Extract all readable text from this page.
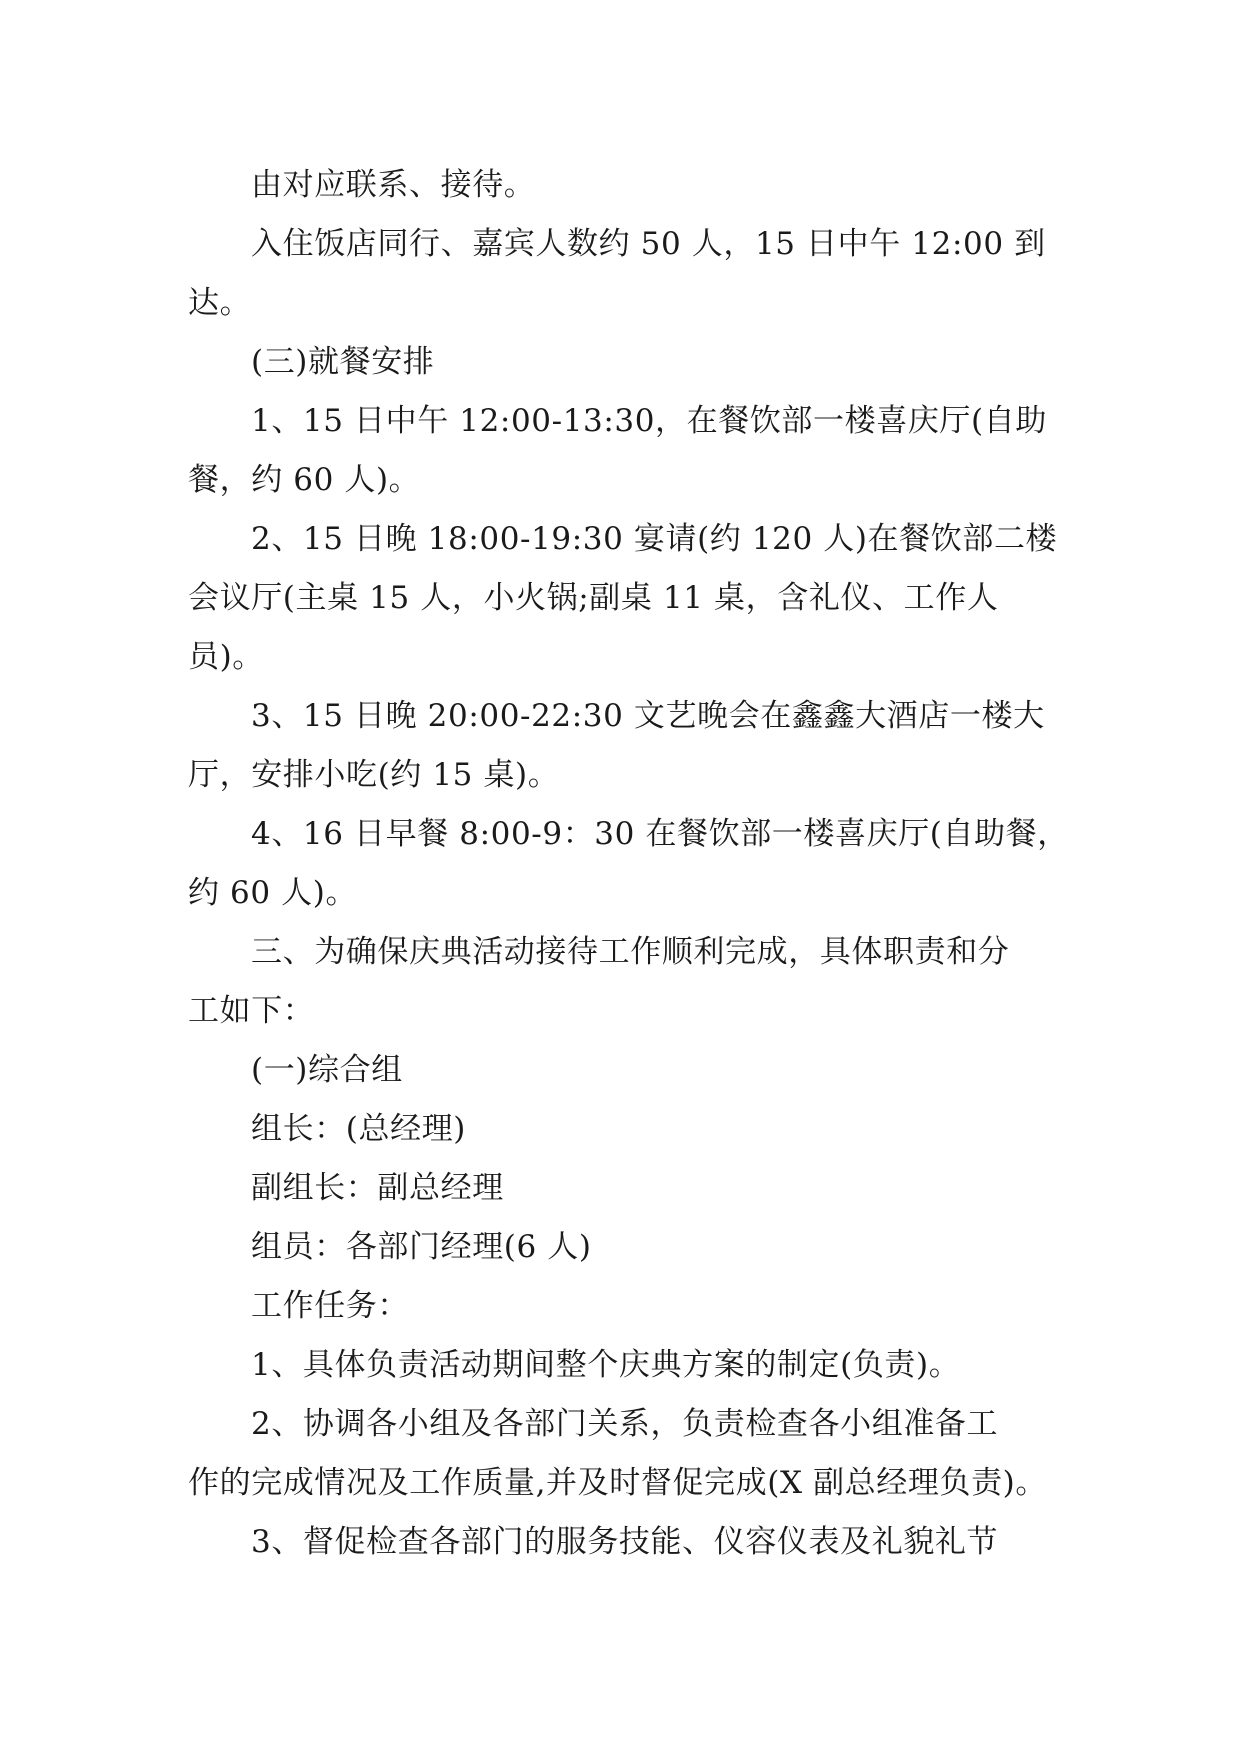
由对应联系、接待。

入住饭店同行、嘉宾人数约 50 人，15 日中午 12:00 到

达。

(三)就餐安排

1、15 日中午 12:00-13:30，在餐饮部一楼喜庆厅(自助

餐，约 60 人)。

2、15 日晚 18:00-19:30 宴请(约 120 人)在餐饮部二楼

会议厅(主桌 15 人，小火锅;副桌 11 桌，含礼仪、工作人

员)。

3、15 日晚 20:00-22:30 文艺晚会在鑫鑫大酒店一楼大

厅，安排小吃(约 15 桌)。

4、16 日早餐 8:00-9：30 在餐饮部一楼喜庆厅(自助餐，

约 60 人)。

三、为确保庆典活动接待工作顺利完成，具体职责和分

工如下：

(一)综合组

组长：(总经理)

副组长：副总经理

组员：各部门经理(6 人)

工作任务：

1、具体负责活动期间整个庆典方案的制定(负责)。

2、协调各小组及各部门关系，负责检查各小组准备工

作的完成情况及工作质量,并及时督促完成(X 副总经理负责)。

3、督促检查各部门的服务技能、仪容仪表及礼貌礼节
